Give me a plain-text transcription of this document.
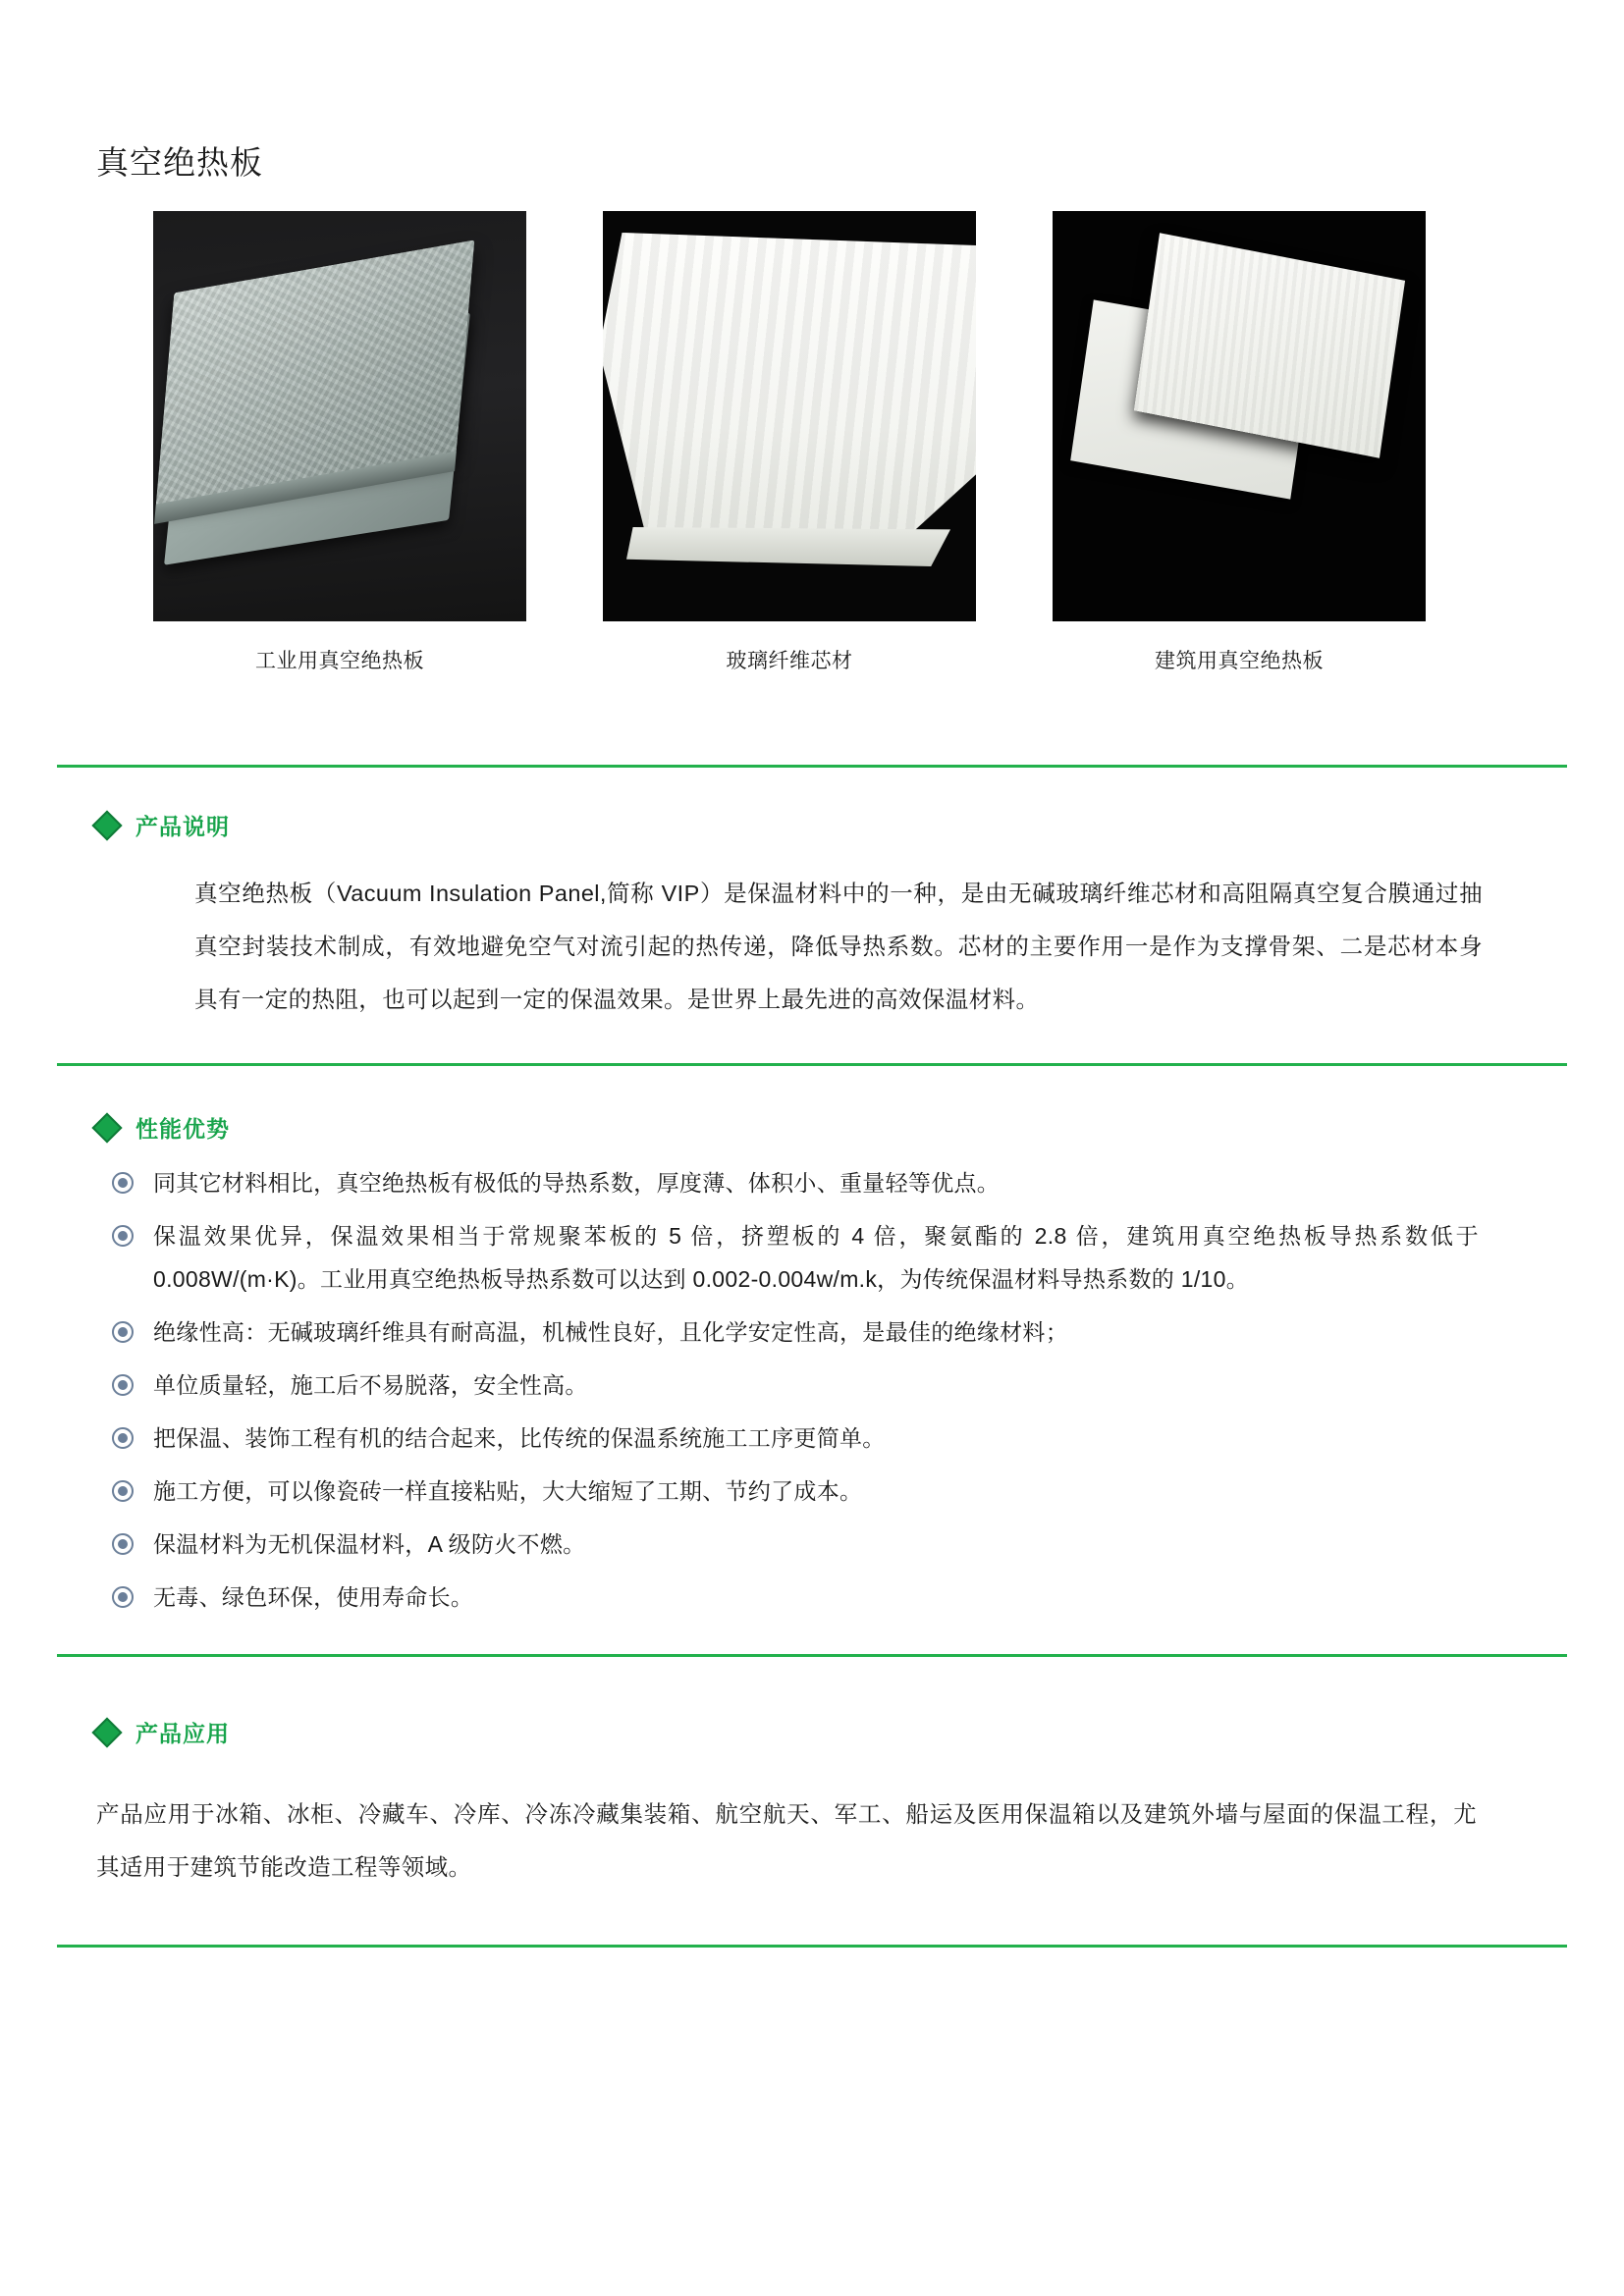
真空绝热板
工业用真空绝热板	玻璃纤维芯材	建筑用真空绝热板
产品说明

真空绝热板（Vacuum Insulation Panel,简称 VIP）是保温材料中的一种，是由无碱玻璃纤维芯材和高阻隔真空复合膜通过抽真空封装技术制成，有效地避免空气对流引起的热传递，降低导热系数。芯材的主要作用一是作为支撑骨架、二是芯材本身具有一定的热阻，也可以起到一定的保温效果。是世界上最先进的高效保温材料。

性能优势
同其它材料相比，真空绝热板有极低的导热系数，厚度薄、体积小、重量轻等优点。
保温效果优异，保温效果相当于常规聚苯板的 5 倍，挤塑板的 4 倍，聚氨酯的 2.8 倍，建筑用真空绝热板导热系数低于 0.008W/(m·K)。工业用真空绝热板导热系数可以达到 0.002-0.004w/m.k，为传统保温材料导热系数的 1/10。
绝缘性高：无碱玻璃纤维具有耐高温，机械性良好，且化学安定性高，是最佳的绝缘材料；
单位质量轻，施工后不易脱落，安全性高。
把保温、装饰工程有机的结合起来，比传统的保温系统施工工序更简单。
施工方便，可以像瓷砖一样直接粘贴，大大缩短了工期、节约了成本。
保温材料为无机保温材料，A 级防火不燃。
无毒、绿色环保，使用寿命长。
产品应用

产品应用于冰箱、冰柜、冷藏车、冷库、冷冻冷藏集装箱、航空航天、军工、船运及医用保温箱以及建筑外墙与屋面的保温工程，尤其适用于建筑节能改造工程等领域。
